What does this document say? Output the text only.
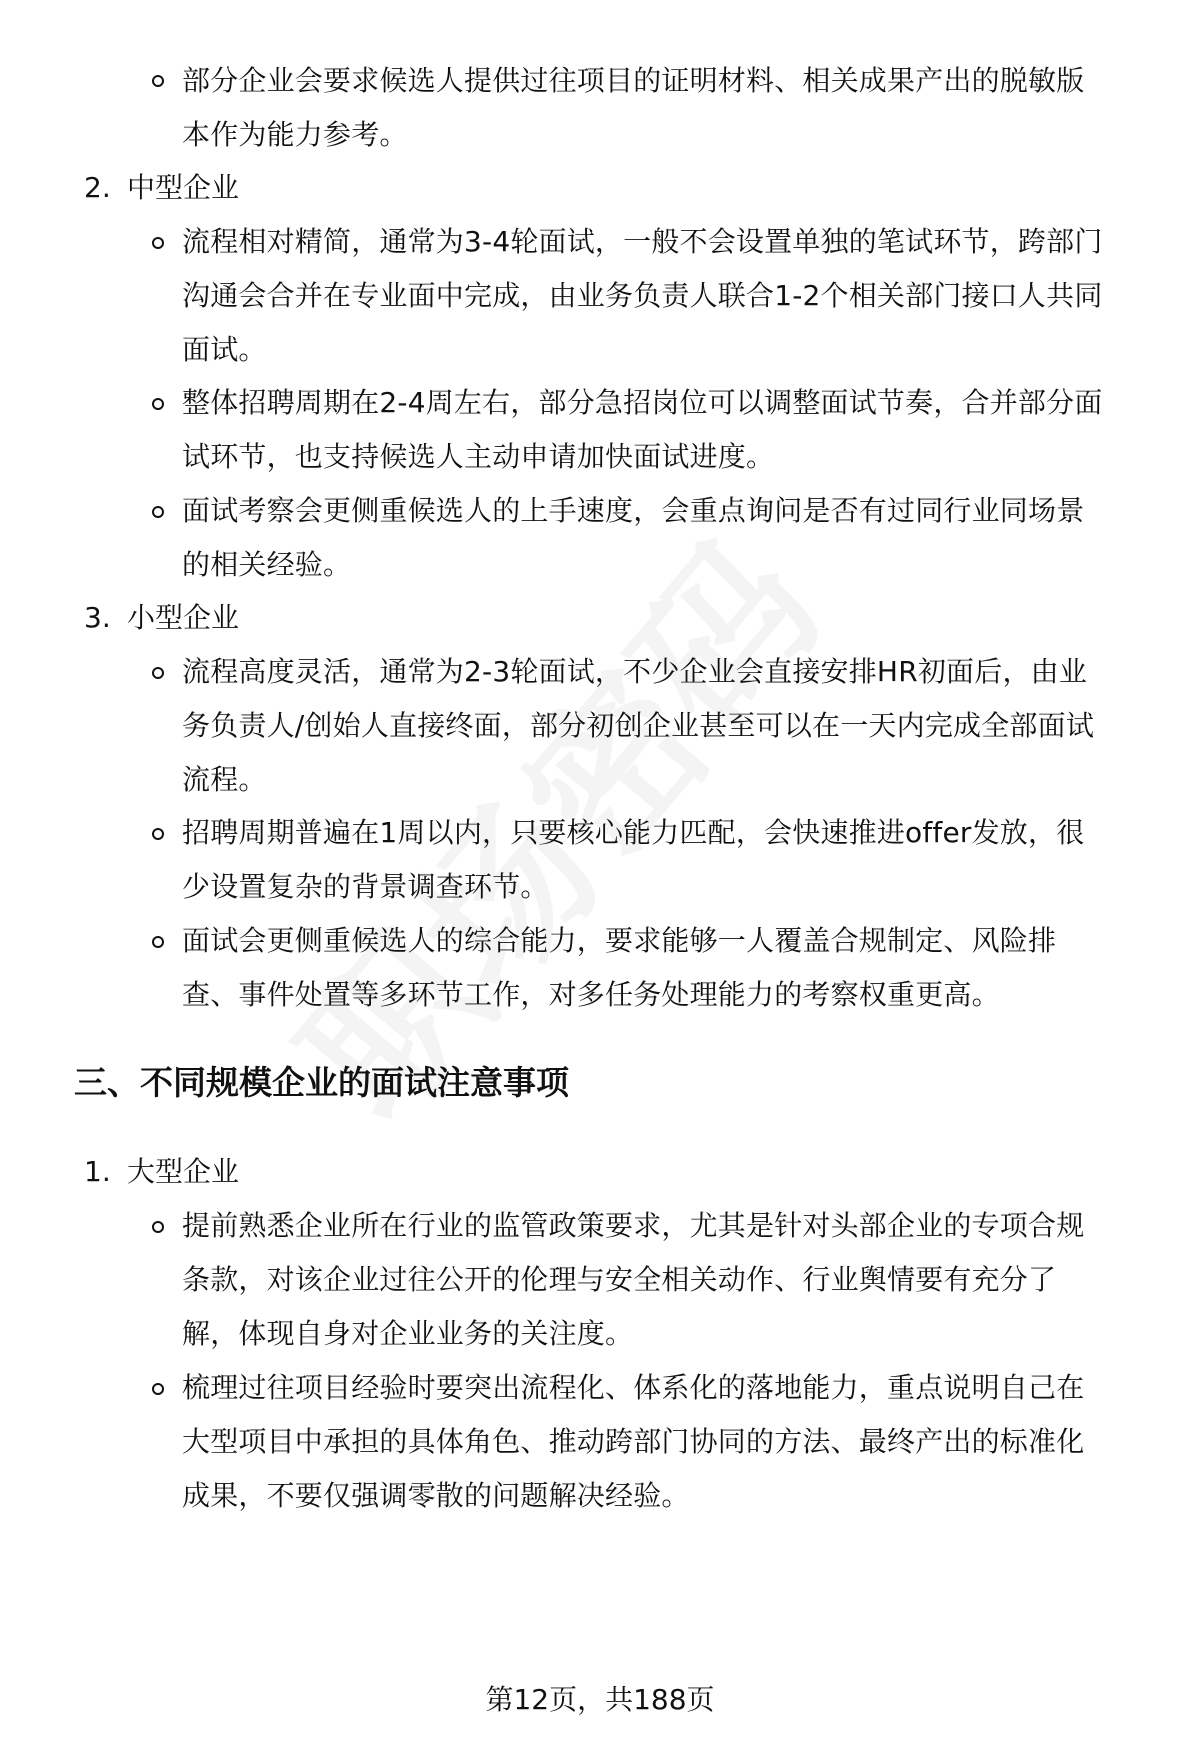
部分企业会要求候选人提供过往项目的证明材料、相关成果产出的脱敏版
本作为能力参考。
2. 中型企业
流程相对精简，通常为3-4轮面试，一般不会设置单独的笔试环节，跨部门
沟通会合并在专业面中完成，由业务负责人联合1-2个相关部门接口人共同
面试。
整体招聘周期在2-4周左右，部分急招岗位可以调整面试节奏，合并部分面
试环节，也支持候选人主动申请加快面试进度。
面试考察会更侧重候选人的上手速度，会重点询问是否有过同行业同场景
的相关经验。
3. 小型企业
流程高度灵活，通常为2-3轮面试，不少企业会直接安排HR初面后，由业
务负责人/创始人直接终面，部分初创企业甚至可以在一天内完成全部面试
流程。
招聘周期普遍在1周以内，只要核心能力匹配，会快速推进offer发放，很
少设置复杂的背景调查环节。
面试会更侧重候选人的综合能力，要求能够一人覆盖合规制定、风险排
查、事件处置等多环节工作，对多任务处理能力的考察权重更高。
三、不同规模企业的面试注意事项
1. 大型企业
提前熟悉企业所在行业的监管政策要求，尤其是针对头部企业的专项合规
条款，对该企业过往公开的伦理与安全相关动作、行业舆情要有充分了
解，体现自身对企业业务的关注度。
梳理过往项目经验时要突出流程化、体系化的落地能力，重点说明自己在
大型项目中承担的具体角色、推动跨部门协同的方法、最终产出的标准化
成果，不要仅强调零散的问题解决经验。
第12页，共188页
